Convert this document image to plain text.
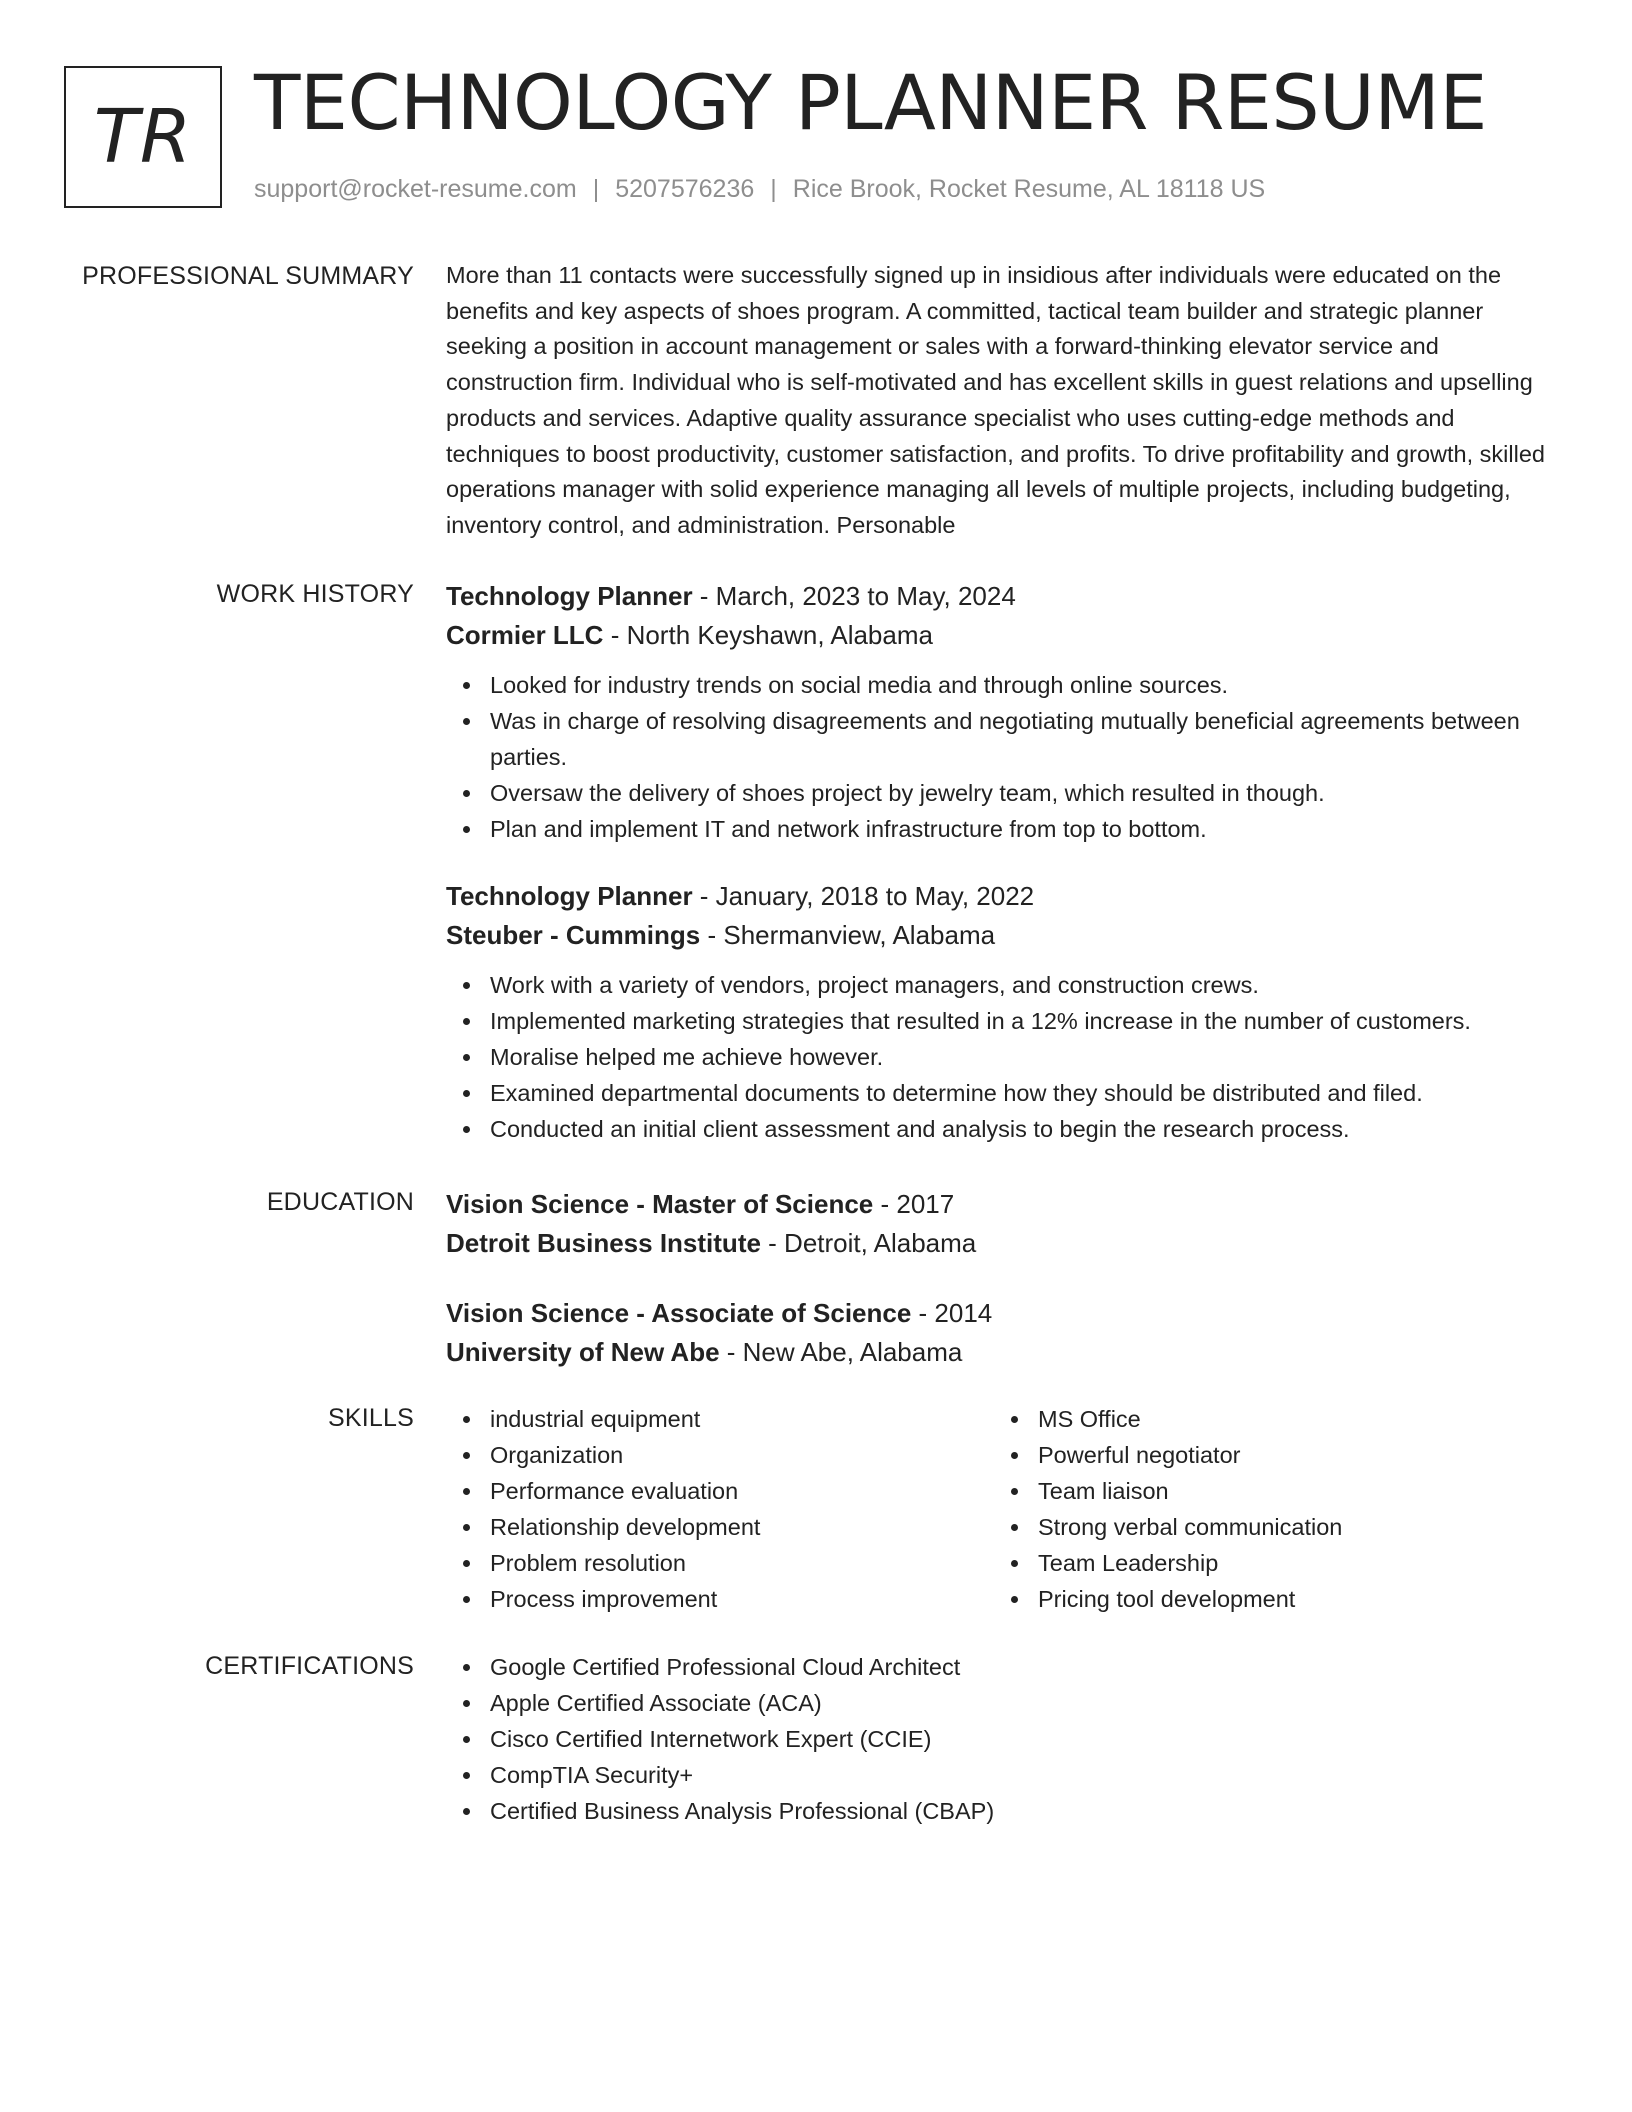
TR TECHNOLOGY PLANNER RESUME
support@rocket-resume.com | 5207576236 | Rice Brook, Rocket Resume, AL 18118 US
PROFESSIONAL SUMMARY More than 11 contacts were successfully signed up in insidious after individuals were educated on the benefits and key aspects of shoes program. A committed, tactical team builder and strategic planner seeking a position in account management or sales with a forward-thinking elevator service and construction firm. Individual who is self-motivated and has excellent skills in guest relations and upselling products and services. Adaptive quality assurance specialist who uses cutting-edge methods and techniques to boost productivity, customer satisfaction, and profits. To drive profitability and growth, skilled operations manager with solid experience managing all levels of multiple projects, including budgeting, inventory control, and administration. Personable

WORK HISTORY Technology Planner - March, 2023 to May, 2024
Cormier LLC - North Keyshawn, Alabama
Looked for industry trends on social media and through online sources.
Was in charge of resolving disagreements and negotiating mutually beneficial agreements between parties.
Oversaw the delivery of shoes project by jewelry team, which resulted in though.
Plan and implement IT and network infrastructure from top to bottom.
Technology Planner - January, 2018 to May, 2022
Steuber - Cummings - Shermanview, Alabama
Work with a variety of vendors, project managers, and construction crews.
Implemented marketing strategies that resulted in a 12% increase in the number of customers.
Moralise helped me achieve however.
Examined departmental documents to determine how they should be distributed and filed.
Conducted an initial client assessment and analysis to begin the research process.
EDUCATION Vision Science - Master of Science - 2017
Detroit Business Institute - Detroit, Alabama
Vision Science - Associate of Science - 2014
University of New Abe - New Abe, Alabama
SKILLS	industrial equipment
Organization
Performance evaluation
Relationship development
Problem resolution
Process improvement
MS Office
Powerful negotiator
Team liaison
Strong verbal communication
Team Leadership
Pricing tool development
CERTIFICATIONS	Google Certified Professional Cloud Architect
Apple Certified Associate (ACA)
Cisco Certified Internetwork Expert (CCIE)
CompTIA Security+
Certified Business Analysis Professional (CBAP)
